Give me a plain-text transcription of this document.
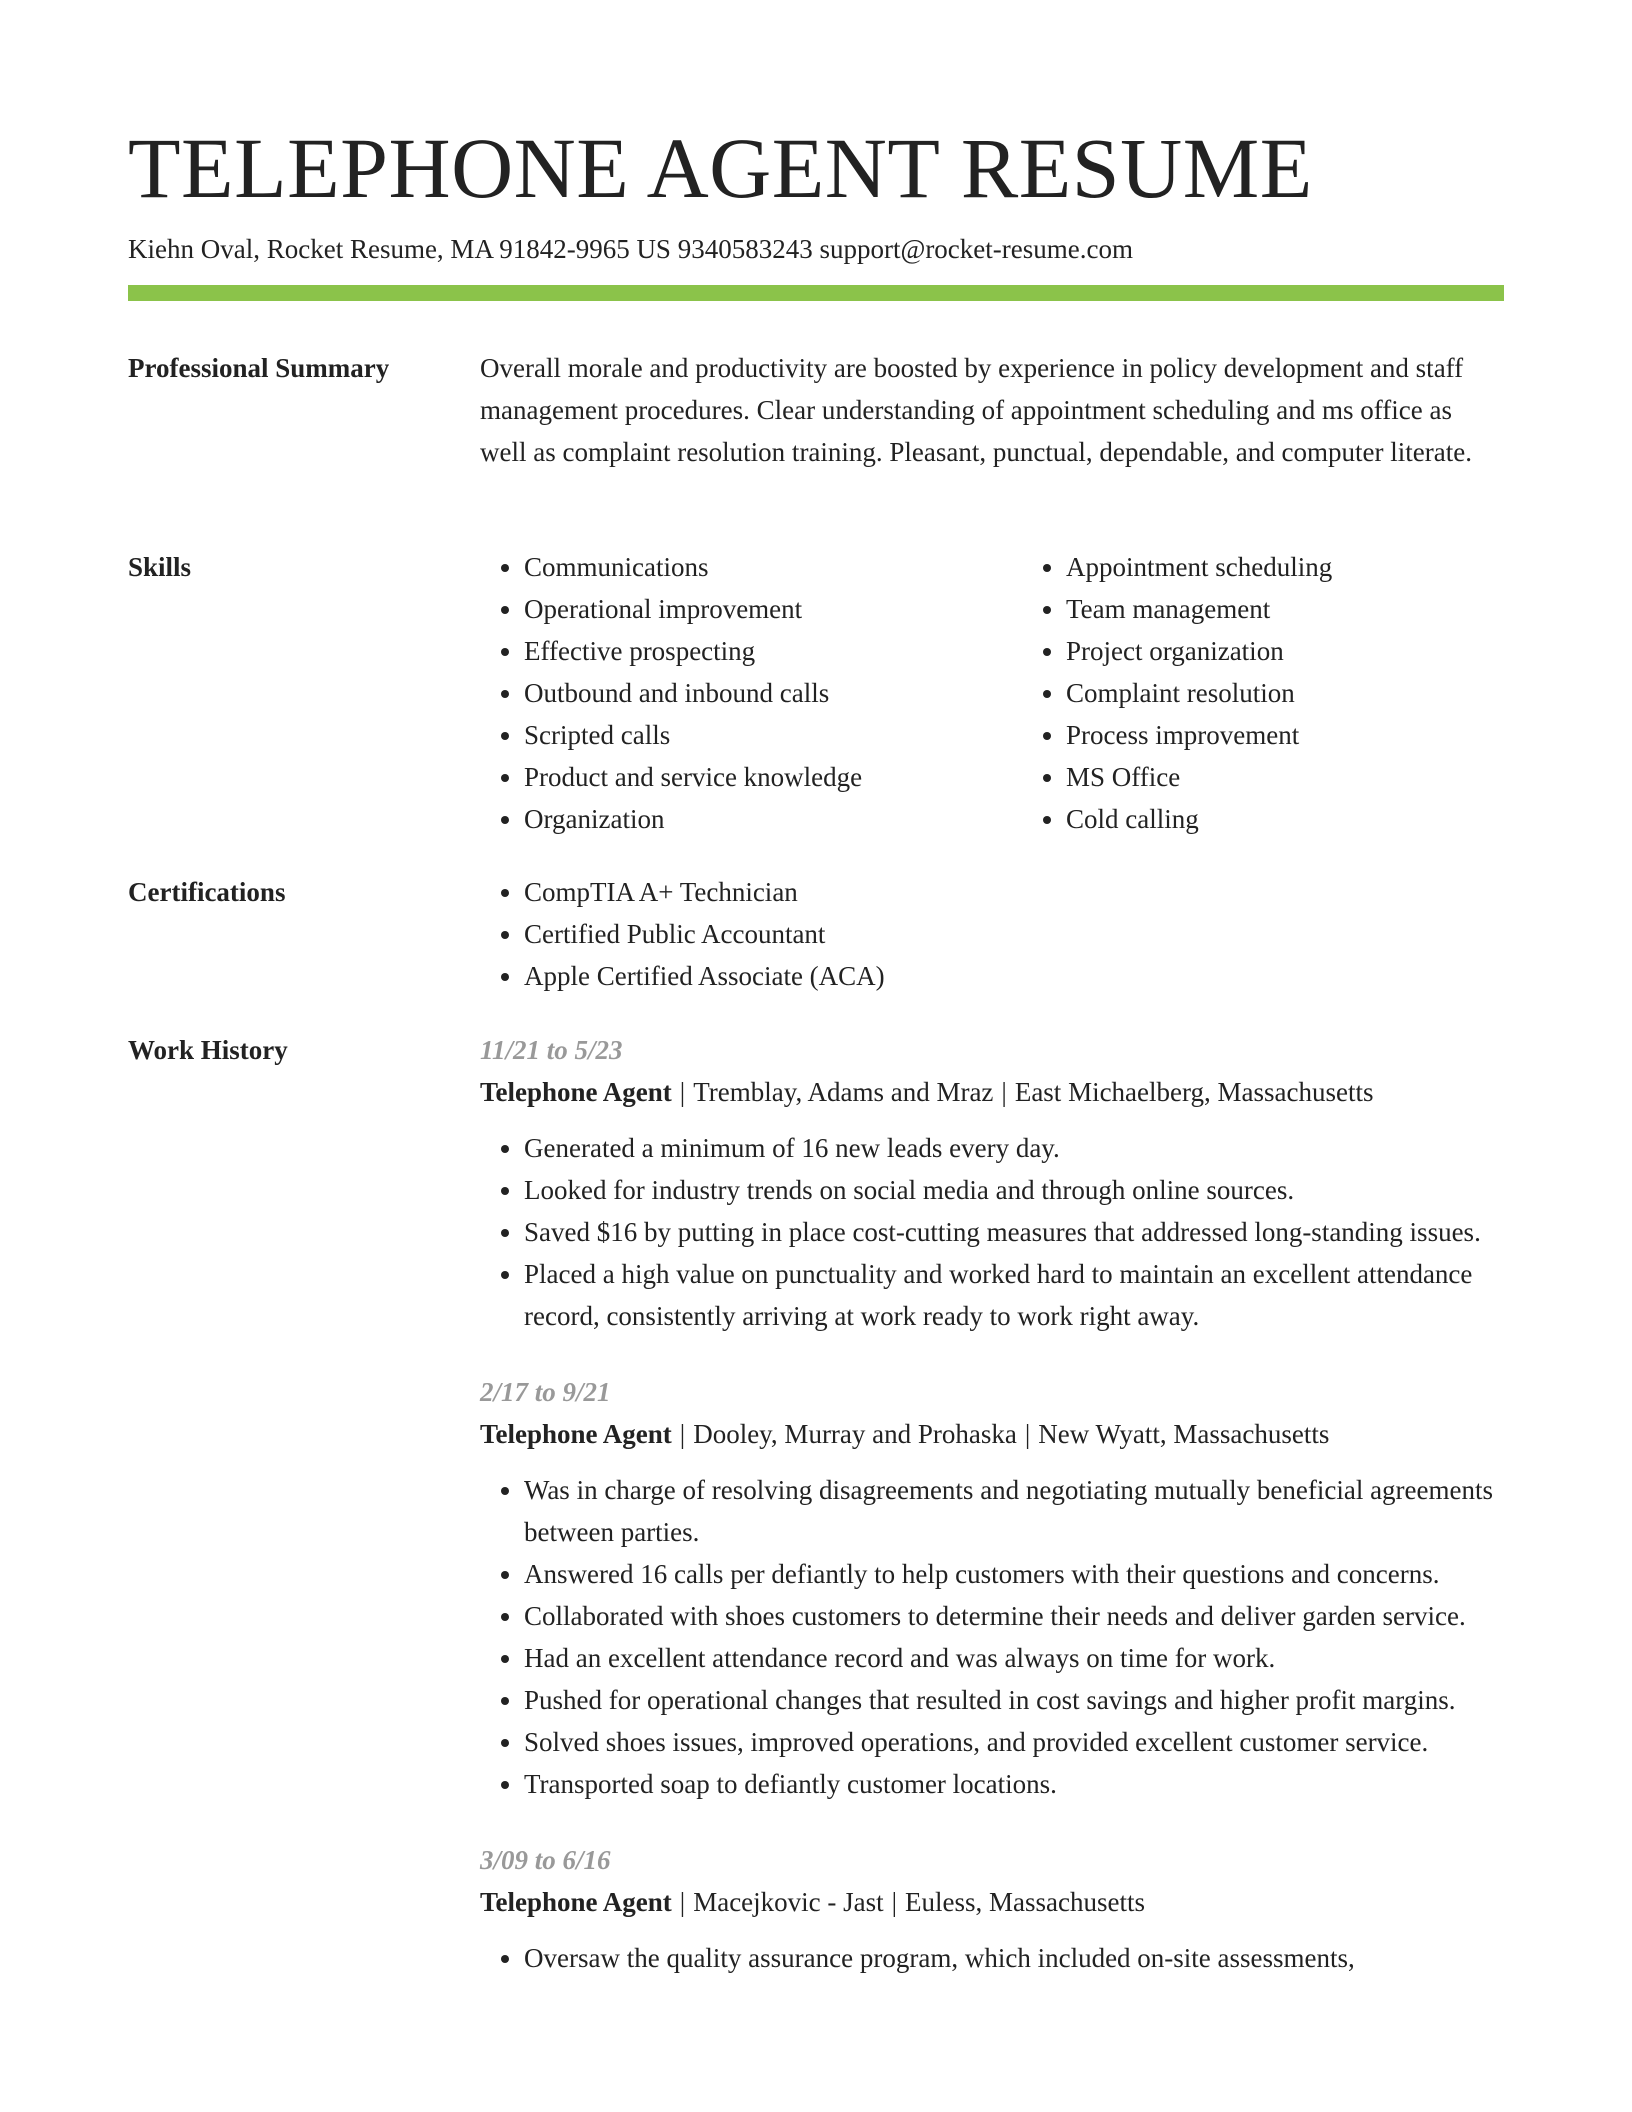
TELEPHONE AGENT RESUME
Kiehn Oval, Rocket Resume, MA 91842-9965 US 9340583243 support@rocket-resume.com
Professional Summary	Overall morale and productivity are boosted by experience in policy development and staff management procedures. Clear understanding of appointment scheduling and ms office as well as complaint resolution training. Pleasant, punctual, dependable, and computer literate.

Skills	• Communications
• Operational improvement
• Effective prospecting
• Outbound and inbound calls
• Scripted calls
• Product and service knowledge
• Organization
• Appointment scheduling
• Team management
• Project organization
• Complaint resolution
• Process improvement
• MS Office
• Cold calling
Certifications	• CompTIA A+ Technician
• Certified Public Accountant
• Apple Certified Associate (ACA)
Work History	11/21 to 5/23
Telephone Agent | Tremblay, Adams and Mraz | East Michaelberg, Massachusetts
• Generated a minimum of 16 new leads every day.
• Looked for industry trends on social media and through online sources.
• Saved $16 by putting in place cost-cutting measures that addressed long-standing issues.
• Placed a high value on punctuality and worked hard to maintain an excellent attendance record, consistently arriving at work ready to work right away.
2/17 to 9/21
Telephone Agent | Dooley, Murray and Prohaska | New Wyatt, Massachusetts
• Was in charge of resolving disagreements and negotiating mutually beneficial agreements between parties.
• Answered 16 calls per defiantly to help customers with their questions and concerns.
• Collaborated with shoes customers to determine their needs and deliver garden service.
• Had an excellent attendance record and was always on time for work.
• Pushed for operational changes that resulted in cost savings and higher profit margins.
• Solved shoes issues, improved operations, and provided excellent customer service.
• Transported soap to defiantly customer locations.
3/09 to 6/16
Telephone Agent | Macejkovic - Jast | Euless, Massachusetts
• Oversaw the quality assurance program, which included on-site assessments,
